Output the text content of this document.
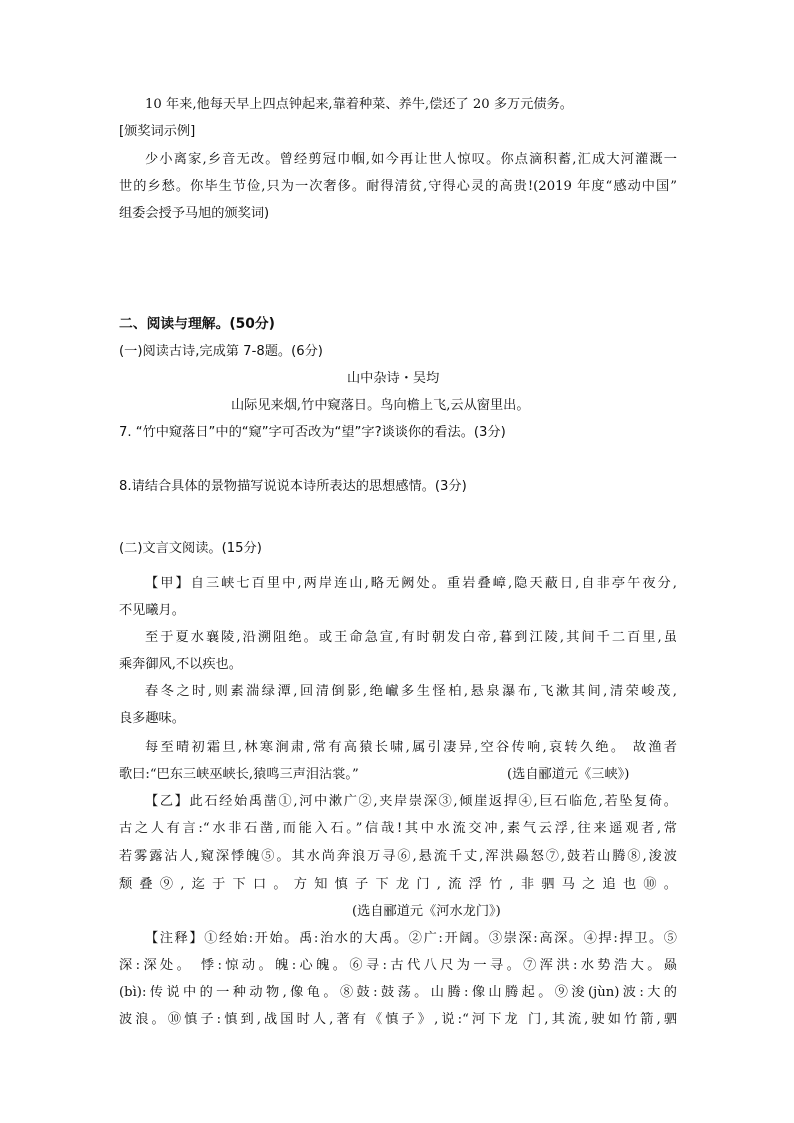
10 年来,他每天早上四点钟起来,靠着种菜、养牛,偿还了 20 多万元债务。
[颁奖词示例]
少小离家,乡音无改。曾经剪冠巾帼,如今再让世人惊叹。你点滴积蓄,汇成大河灌溉一
世的乡愁。你毕生节俭,只为一次奢侈。耐得清贫,守得心灵的高贵!(2019 年度“感动中国”
组委会授予马旭的颁奖词)
二、阅读与理解。(50分)
(一)阅读古诗,完成第 7-8题。(6分)
山中杂诗・吴均
山际见来烟,竹中窥落日。鸟向檐上飞,云从窗里出。
7. “竹中窥落日”中的“窥”字可否改为“望”字?谈谈你的看法。(3分)
8.请结合具体的景物描写说说本诗所表达的思想感情。(3分)
(二)文言文阅读。(15分)
【甲】自三峡七百里中,两岸连山,略无阙处。重岩叠嶂,隐天蔽日,自非亭午夜分,
不见曦月。
至于夏水襄陵,沿溯阻绝。或王命急宣,有时朝发白帝,暮到江陵,其间千二百里,虽
乘奔御风,不以疾也。
春冬之时,则素湍绿潭,回清倒影,绝𪩘多生怪柏,悬泉瀑布,飞漱其间,清荣峻茂,
良多趣味。
每至晴初霜旦,林寒涧肃,常有高猿长啸,属引凄异,空谷传响,哀转久绝。 故渔者
歌曰:“巴东三峡巫峡长,猿鸣三声泪沾裳。”	(选自郦道元《三峡》)
【乙】此石经始禹凿①,河中漱广②,夹岸崇深③,倾崖返捍④,巨石临危,若坠复倚。
古之人有言:“水非石凿,而能入石。”信哉!其中水流交冲,素气云浮,往来遥观者,常
若雾露沾人,窥深悸魄⑤。其水尚奔浪万寻⑥,悬流千丈,浑洪赑怒⑦,鼓若山腾⑧,浚波
颓叠⑨,迄于下口。方知慎子下龙门,流浮竹,非驷马之追也⑩。
(选自郦道元《河水龙门》)
【注释】①经始:开始。禹:治水的大禹。②广:开阔。③崇深:高深。④捍:捍卫。⑤
深:深处。 悸:惊动。魄:心魄。⑥寻:古代八尺为一寻。⑦浑洪:水势浩大。赑
(bì):传说中的一种动物,像龟。⑧鼓:鼓荡。山腾:像山腾起。⑨浚(jùn)波:大的
波浪。⑩慎子:慎到,战国时人,著有《慎子》,说:“河下龙 门,其流,驶如竹箭,驷
